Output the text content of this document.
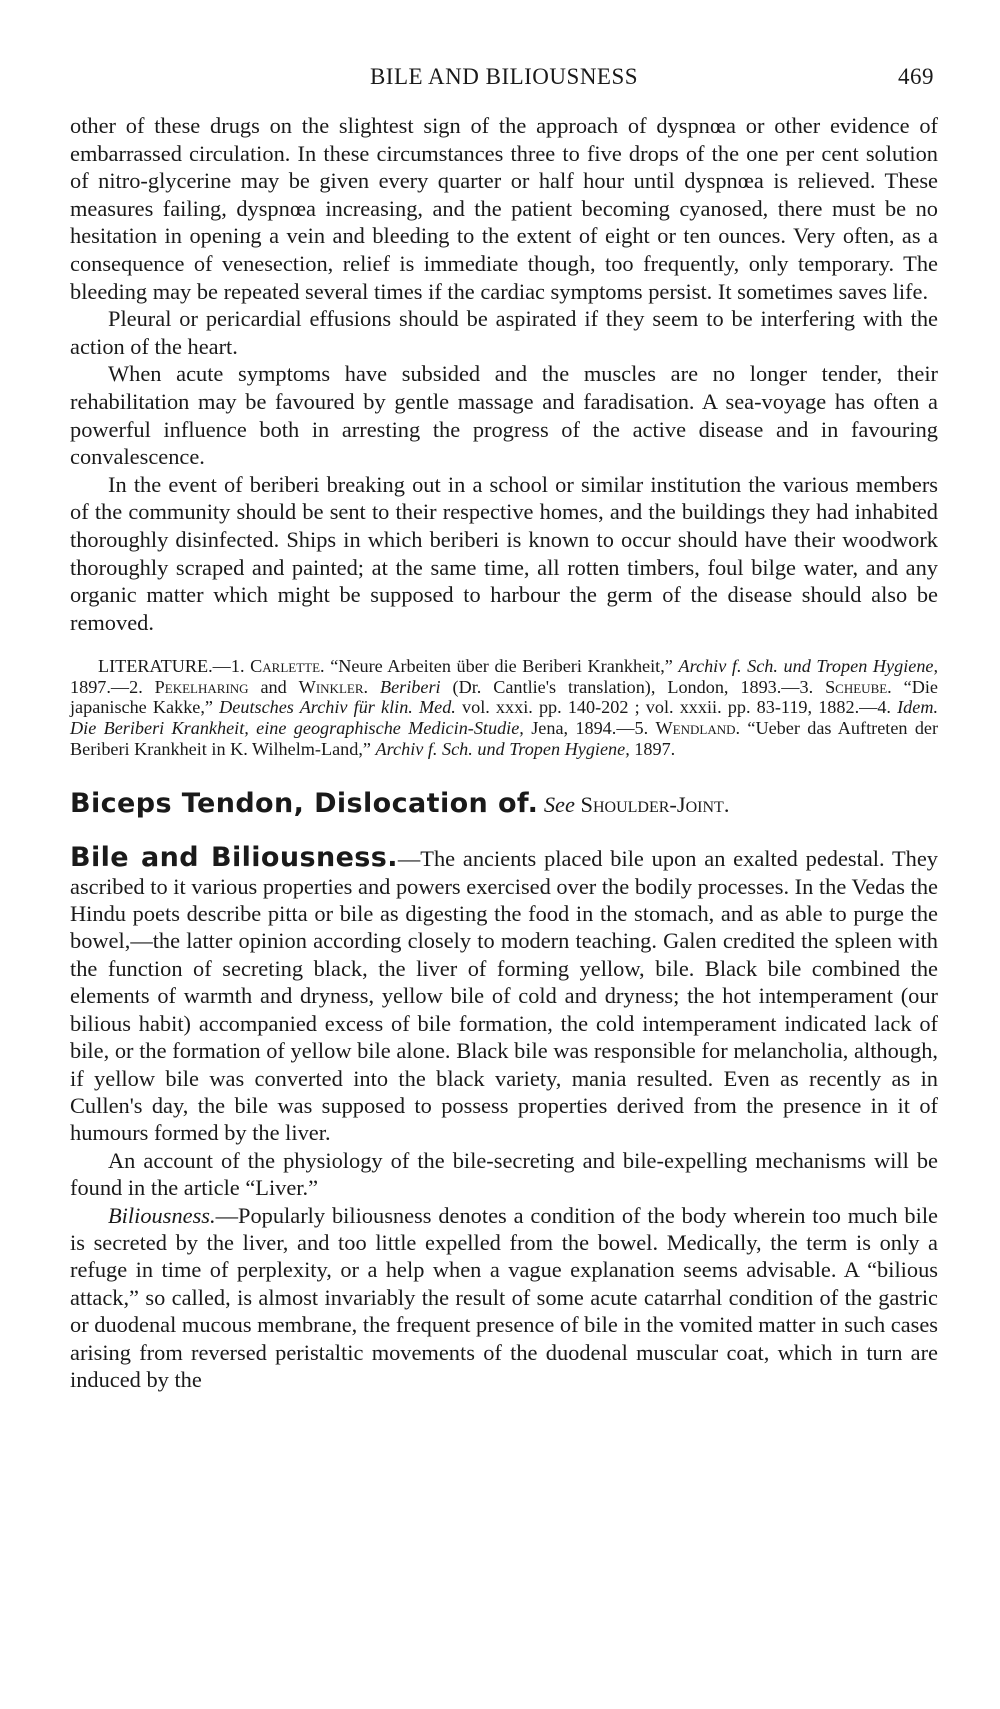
BILE AND BILIOUSNESS	469

other of these drugs on the slightest sign of the approach of dyspnœa or other evidence of embarrassed circulation. In these circumstances three to five drops of the one per cent solution of nitro-glycerine may be given every quarter or half hour until dyspnœa is relieved. These measures failing, dyspnœa increasing, and the patient becoming cyanosed, there must be no hesitation in opening a vein and bleeding to the extent of eight or ten ounces. Very often, as a consequence of venesection, relief is immediate though, too frequently, only temporary. The bleeding may be repeated several times if the cardiac symptoms persist. It sometimes saves life.

Pleural or pericardial effusions should be aspirated if they seem to be interfering with the action of the heart.

When acute symptoms have subsided and the muscles are no longer tender, their rehabilitation may be favoured by gentle massage and faradisation. A sea-voyage has often a powerful influence both in arresting the progress of the active disease and in favouring convalescence.

In the event of beriberi breaking out in a school or similar institution the various members of the community should be sent to their respective homes, and the buildings they had inhabited thoroughly disinfected. Ships in which beriberi is known to occur should have their woodwork thoroughly scraped and painted; at the same time, all rotten timbers, foul bilge water, and any organic matter which might be supposed to harbour the germ of the disease should also be removed.

LITERATURE.—1. Carlette. “Neure Arbeiten über die Beriberi Krankheit,” Archiv f. Sch. und Tropen Hygiene, 1897.—2. Pekelharing and Winkler. Beriberi (Dr. Cantlie's translation), London, 1893.—3. Scheube. “Die japanische Kakke,” Deutsches Archiv für klin. Med. vol. xxxi. pp. 140-202 ; vol. xxxii. pp. 83-119, 1882.—4. Idem. Die Beriberi Krankheit, eine geographische Medicin-Studie, Jena, 1894.—5. Wendland. “Ueber das Auftreten der Beriberi Krankheit in K. Wilhelm-Land,” Archiv f. Sch. und Tropen Hygiene, 1897.
Biceps Tendon, Dislocation of. See Shoulder-Joint.

Bile and Biliousness.—The ancients placed bile upon an exalted pedestal. They ascribed to it various properties and powers exercised over the bodily processes. In the Vedas the Hindu poets describe pitta or bile as digesting the food in the stomach, and as able to purge the bowel,—the latter opinion according closely to modern teaching. Galen credited the spleen with the function of secreting black, the liver of forming yellow, bile. Black bile combined the elements of warmth and dryness, yellow bile of cold and dryness; the hot intemperament (our bilious habit) accompanied excess of bile formation, the cold intemperament indicated lack of bile, or the formation of yellow bile alone. Black bile was responsible for melancholia, although, if yellow bile was converted into the black variety, mania resulted. Even as recently as in Cullen's day, the bile was supposed to possess properties derived from the presence in it of humours formed by the liver.

An account of the physiology of the bile-secreting and bile-expelling mechanisms will be found in the article “Liver.”

Biliousness.—Popularly biliousness denotes a condition of the body wherein too much bile is secreted by the liver, and too little expelled from the bowel. Medically, the term is only a refuge in time of perplexity, or a help when a vague explanation seems advisable. A “bilious attack,” so called, is almost invariably the result of some acute catarrhal condition of the gastric or duodenal mucous membrane, the frequent presence of bile in the vomited matter in such cases arising from reversed peristaltic movements of the duodenal muscular coat, which in turn are induced by the
